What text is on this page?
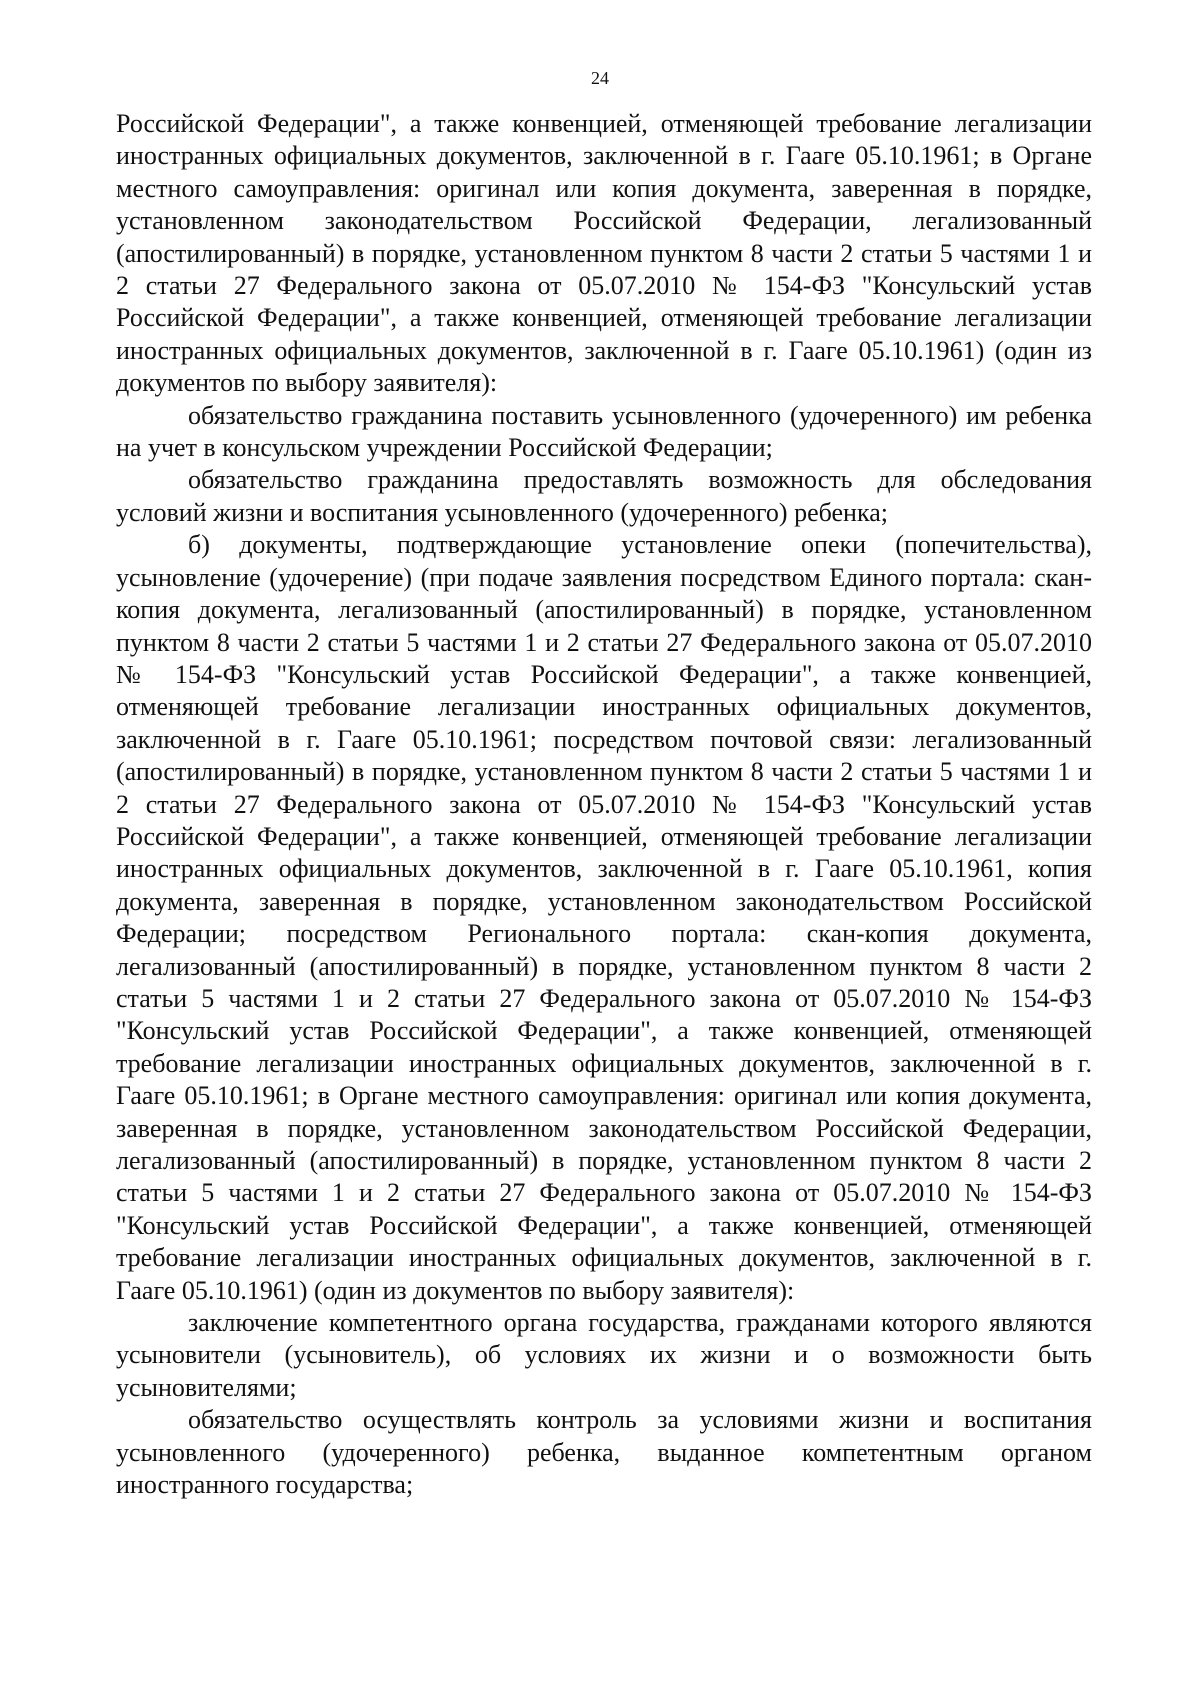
24

Российской Федерации", а также конвенцией, отменяющей требование легализации иностранных официальных документов, заключенной в г. Гааге 05.10.1961; в Органе местного самоуправления: оригинал или копия документа, заверенная в порядке, установленном законодательством Российской Федерации, легализованный (апостилированный) в порядке, установленном пунктом 8 части 2 статьи 5 частями 1 и 2 статьи 27 Федерального закона от 05.07.2010 № 154-ФЗ "Консульский устав Российской Федерации", а также конвенцией, отменяющей требование легализации иностранных официальных документов, заключенной в г. Гааге 05.10.1961) (один из документов по выбору заявителя):

обязательство гражданина поставить усыновленного (удочеренного) им ребенка на учет в консульском учреждении Российской Федерации;

обязательство гражданина предоставлять возможность для обследования условий жизни и воспитания усыновленного (удочеренного) ребенка;

б) документы, подтверждающие установление опеки (попечительства), усыновление (удочерение) (при подаче заявления посредством Единого портала: скан-копия документа, легализованный (апостилированный) в порядке, установленном пунктом 8 части 2 статьи 5 частями 1 и 2 статьи 27 Федерального закона от 05.07.2010 № 154-ФЗ "Консульский устав Российской Федерации", а также конвенцией, отменяющей требование легализации иностранных официальных документов, заключенной в г. Гааге 05.10.1961; посредством почтовой связи: легализованный (апостилированный) в порядке, установленном пунктом 8 части 2 статьи 5 частями 1 и 2 статьи 27 Федерального закона от 05.07.2010 № 154-ФЗ "Консульский устав Российской Федерации", а также конвенцией, отменяющей требование легализации иностранных официальных документов, заключенной в г. Гааге 05.10.1961, копия документа, заверенная в порядке, установленном законодательством Российской Федерации; посредством Регионального портала: скан-копия документа, легализованный (апостилированный) в порядке, установленном пунктом 8 части 2 статьи 5 частями 1 и 2 статьи 27 Федерального закона от 05.07.2010 № 154-ФЗ "Консульский устав Российской Федерации", а также конвенцией, отменяющей требование легализации иностранных официальных документов, заключенной в г. Гааге 05.10.1961; в Органе местного самоуправления: оригинал или копия документа, заверенная в порядке, установленном законодательством Российской Федерации, легализованный (апостилированный) в порядке, установленном пунктом 8 части 2 статьи 5 частями 1 и 2 статьи 27 Федерального закона от 05.07.2010 № 154-ФЗ "Консульский устав Российской Федерации", а также конвенцией, отменяющей требование легализации иностранных официальных документов, заключенной в г. Гааге 05.10.1961) (один из документов по выбору заявителя):

заключение компетентного органа государства, гражданами которого являются усыновители (усыновитель), об условиях их жизни и о возможности быть усыновителями;

обязательство осуществлять контроль за условиями жизни и воспитания усыновленного (удочеренного) ребенка, выданное компетентным органом иностранного государства;
